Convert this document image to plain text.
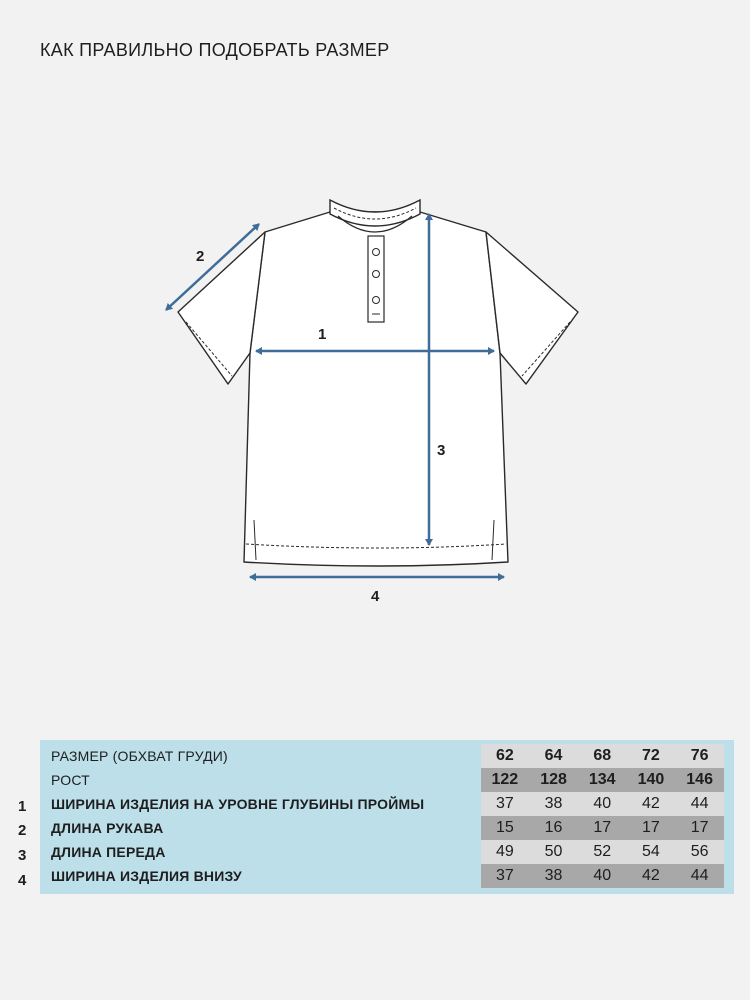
КАК ПРАВИЛЬНО ПОДОБРАТЬ РАЗМЕР
1
2
3
4
1
2
3
4
РАЗМЕР (ОБХВАТ ГРУДИ)		62	64	68	72	76
РОСТ		122	128	134	140	146
ШИРИНА ИЗДЕЛИЯ НА УРОВНЕ ГЛУБИНЫ ПРОЙМЫ		37	38	40	42	44
ДЛИНА РУКАВА		15	16	17	17	17
ДЛИНА ПЕРЕДА		49	50	52	54	56
ШИРИНА ИЗДЕЛИЯ ВНИЗУ		37	38	40	42	44
